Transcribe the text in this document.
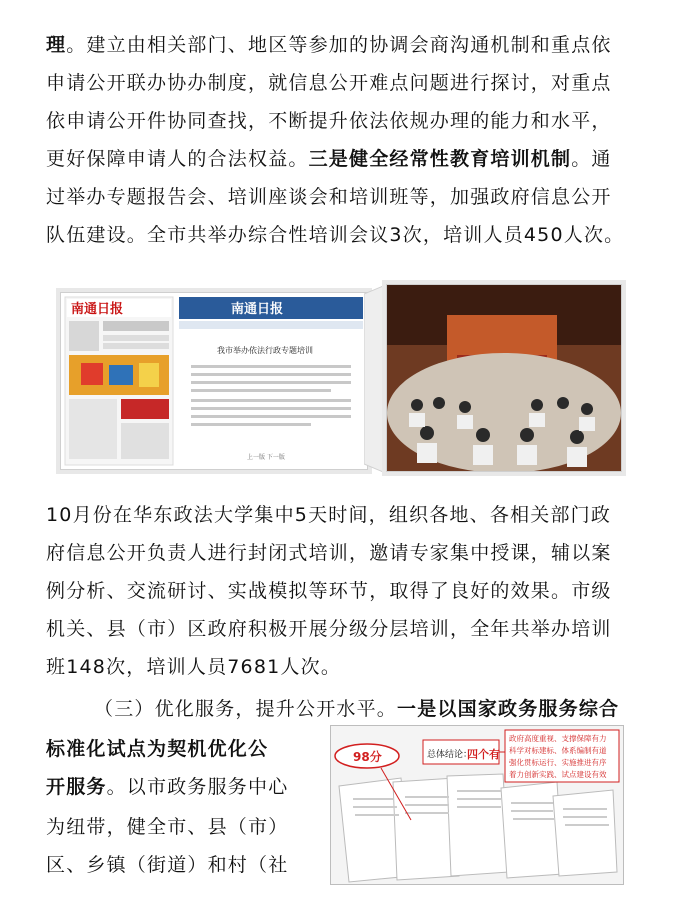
理。建立由相关部门、地区等参加的协调会商沟通机制和重点依
申请公开联办协办制度，就信息公开难点问题进行探讨，对重点
依申请公开件协同查找，不断提升依法依规办理的能力和水平，
更好保障申请人的合法权益。三是健全经常性教育培训机制。通
过举办专题报告会、培训座谈会和培训班等，加强政府信息公开
队伍建设。全市共举办综合性培训会议3次，培训人员450人次。
南通日报	南通日报
我市举办依法行政专题培训
上一版 下一版
10月份在华东政法大学集中5天时间，组织各地、各相关部门政
府信息公开负责人进行封闭式培训，邀请专家集中授课，辅以案
例分析、交流研讨、实战模拟等环节，取得了良好的效果。市级
机关、县（市）区政府积极开展分级分层培训，全年共举办培训
班148次，培训人员7681人次。
（三）优化服务，提升公开水平。一是以国家政务服务综合
标准化试点为契机优化公
开服务。以市政务服务中心
为纽带，健全市、县（市）
区、乡镇（街道）和村（社
98分	总体结论：
四个有
政府高度重视、支撑保障有力
科学对标建标、体系编制有道
强化贯标运行、实施推进有序
着力创新实践、试点建设有效
